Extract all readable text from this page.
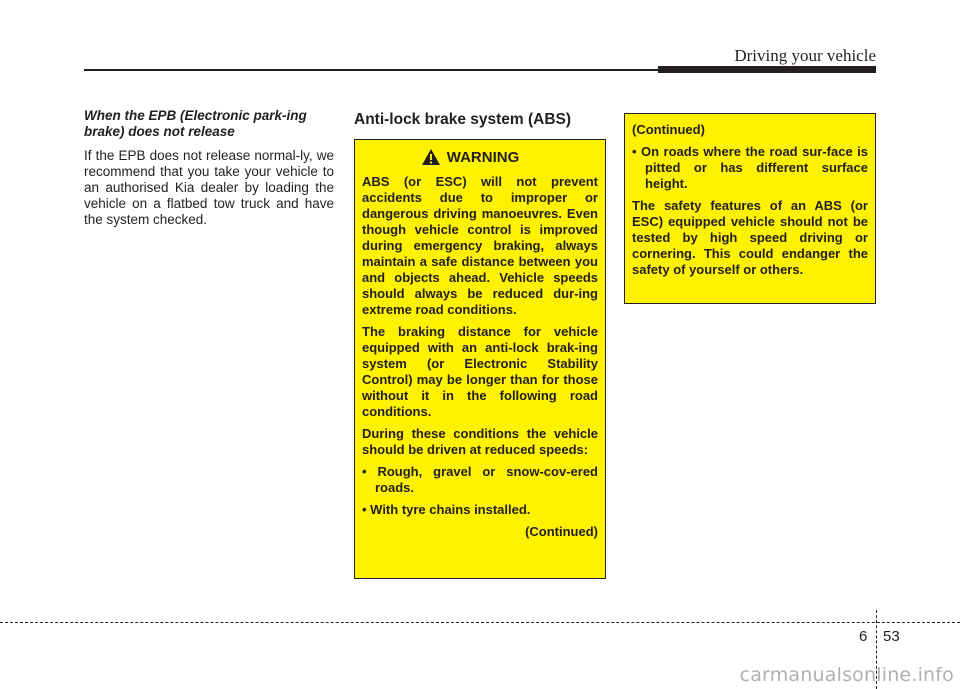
Driving your vehicle
When the EPB (Electronic park-ing brake) does not release
If the EPB does not release normal-ly, we recommend that you take your vehicle to an authorised Kia dealer by loading the vehicle on a flatbed tow truck and have the system checked.
Anti-lock brake system (ABS)
WARNING

ABS (or ESC) will not prevent accidents due to improper or dangerous driving manoeuvres. Even though vehicle control is improved during emergency braking, always maintain a safe distance between you and objects ahead. Vehicle speeds should always be reduced dur-ing extreme road conditions.

The braking distance for vehicle equipped with an anti-lock brak-ing system (or Electronic Stability Control) may be longer than for those without it in the following road conditions.

During these conditions the vehicle should be driven at reduced speeds:

• Rough, gravel or snow-cov-ered roads.

• With tyre chains installed.

(Continued)

(Continued)

• On roads where the road sur-face is pitted or has different surface height.

The safety features of an ABS (or ESC) equipped vehicle should not be tested by high speed driving or cornering. This could endanger the safety of yourself or others.

6 53
carmanualsonline.info
